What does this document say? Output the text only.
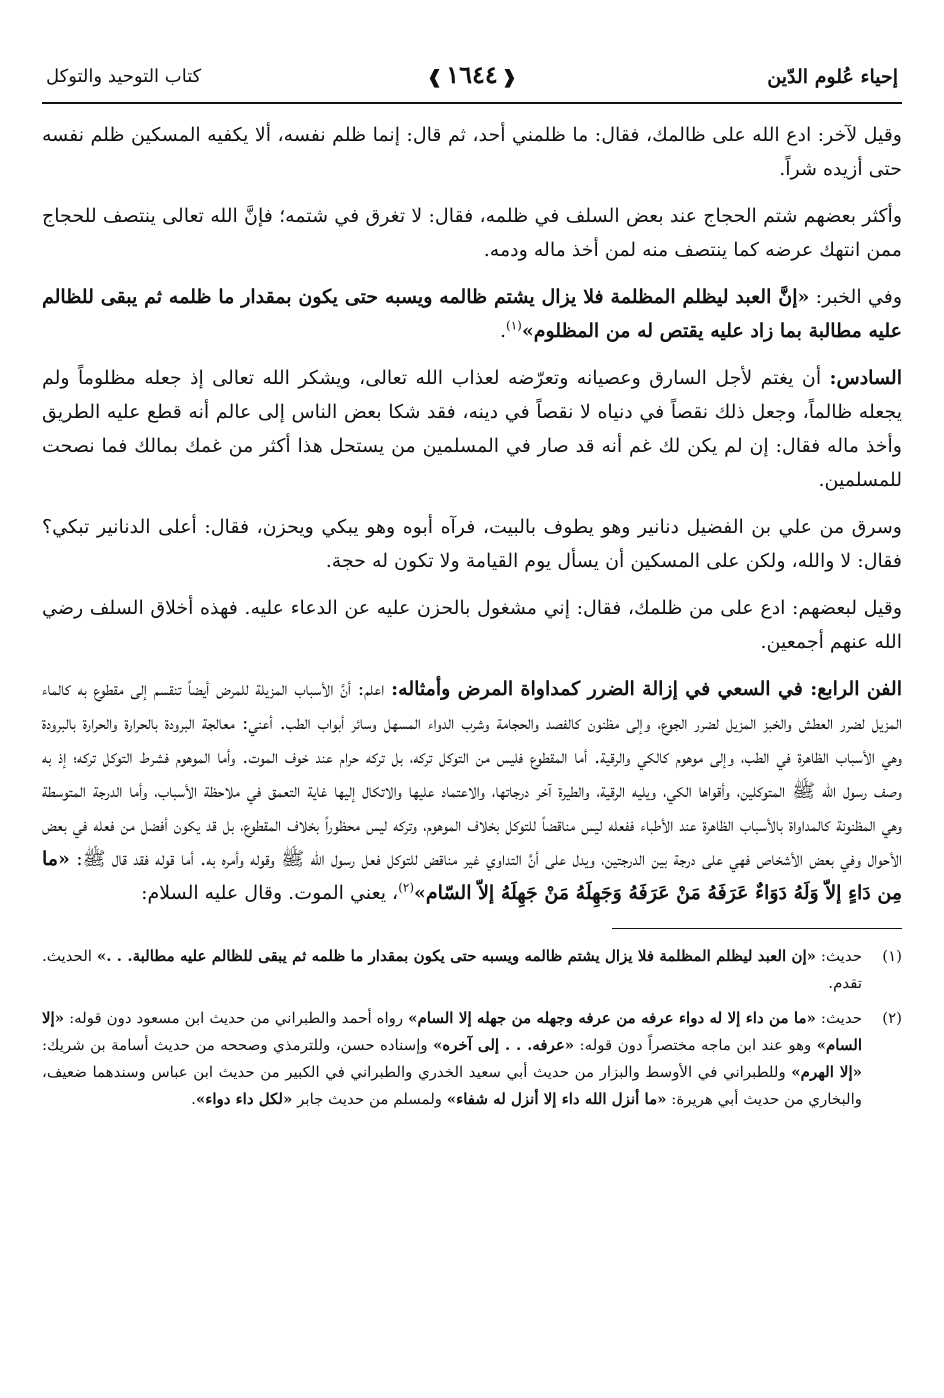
إحياء عُلوم الدّين
❰١٦٤٤❱
كتاب التوحيد والتوكل

وقيل لآخر: ادع الله على ظالمك، فقال: ما ظلمني أحد، ثم قال: إنما ظلم نفسه، ألا يكفيه المسكين ظلم نفسه حتى أزيده شراً.

وأكثر بعضهم شتم الحجاج عند بعض السلف في ظلمه، فقال: لا تغرق في شتمه؛ فإنَّ الله تعالى ينتصف للحجاج ممن انتهك عرضه كما ينتصف منه لمن أخذ ماله ودمه.

وفي الخبر: «إنَّ العبد ليظلم المظلمة فلا يزال يشتم ظالمه ويسبه حتى يكون بمقدار ما ظلمه ثم يبقى للظالم عليه مطالبة بما زاد عليه يقتص له من المظلوم»$^{(١)}$.

السادس: أن يغتم لأجل السارق وعصيانه وتعرّضه لعذاب الله تعالى، ويشكر الله تعالى إذ جعله مظلوماً ولم يجعله ظالماً، وجعل ذلك نقصاً في دنياه لا نقصاً في دينه، فقد شكا بعض الناس إلى عالم أنه قطع عليه الطريق وأخذ ماله فقال: إن لم يكن لك غم أنه قد صار في المسلمين من يستحل هذا أكثر من غمك بمالك فما نصحت للمسلمين.

وسرق من علي بن الفضيل دنانير وهو يطوف بالبيت، فرآه أبوه وهو يبكي ويحزن، فقال: أعلى الدنانير تبكي؟ فقال: لا والله، ولكن على المسكين أن يسأل يوم القيامة ولا تكون له حجة.

وقيل لبعضهم: ادع على من ظلمك، فقال: إني مشغول بالحزن عليه عن الدعاء عليه. فهذه أخلاق السلف رضي الله عنهم أجمعين.

الفن الرابع: في السعي في إزالة الضرر كمداواة المرض وأمثاله: اعلم: أنَّ الأسباب المزيلة للمرض أيضاً تنقسم إلى مقطوع به كالماء المزيل لضرر العطش والخبز المزيل لضرر الجوع، وإلى مظنون كالفصد والحجامة وشرب الدواء المسهل وسائر أبواب الطب. أعني: معالجة البرودة بالحرارة والحرارة بالبرودة وهي الأسباب الظاهرة في الطب، وإلى موهوم كالكي والرقية. أما المقطوع فليس من التوكل تركه، بل تركه حرام عند خوف الموت. وأما الموهوم فشرط التوكل تركه؛ إذ به وصف رسول الله ﷺ المتوكلين، وأقواها الكي، ويليه الرقية، والطيرة آخر درجاتها، والاعتماد عليها والاتكال إليها غاية التعمق في ملاحظة الأسباب، وأما الدرجة المتوسطة وهي المظنونة كالمداواة بالأسباب الظاهرة عند الأطباء ففعله ليس مناقضاً للتوكل بخلاف الموهوم، وتركه ليس محظوراً بخلاف المقطوع، بل قد يكون أفضل من فعله في بعض الأحوال وفي بعض الأشخاص فهي على درجة بين الدرجتين، ويدل على أنَّ التداوي غير مناقض للتوكل فعل رسول الله ﷺ وقوله وأمره به. أما قوله فقد قال ﷺ: «ما مِن دَاءٍ إلاّ وَلَهُ دَوَاءٌ عَرَفَهُ مَنْ عَرَفَهُ وَجَهِلَهُ مَنْ جَهِلَهُ إلاّ السّام»$^{(٢)}$، يعني الموت. وقال عليه السلام:

(١)
حديث: «إن العبد ليظلم المظلمة فلا يزال يشتم ظالمه ويسبه حتى يكون بمقدار ما ظلمه ثم يبقى للظالم عليه مطالبة. . .» الحديث. تقدم.
(٢)
حديث: «ما من داء إلا له دواء عرفه من عرفه وجهله من جهله إلا السام» رواه أحمد والطبراني من حديث ابن مسعود دون قوله: «إلا السام» وهو عند ابن ماجه مختصراً دون قوله: «عرفه. . . إلى آخره» وإسناده حسن، وللترمذي وصححه من حديث أسامة بن شريك: «إلا الهرم» وللطبراني في الأوسط والبزار من حديث أبي سعيد الخدري والطبراني في الكبير من حديث ابن عباس وسندهما ضعيف، والبخاري من حديث أبي هريرة: «ما أنزل الله داء إلا أنزل له شفاء» ولمسلم من حديث جابر «لكل داء دواء».
